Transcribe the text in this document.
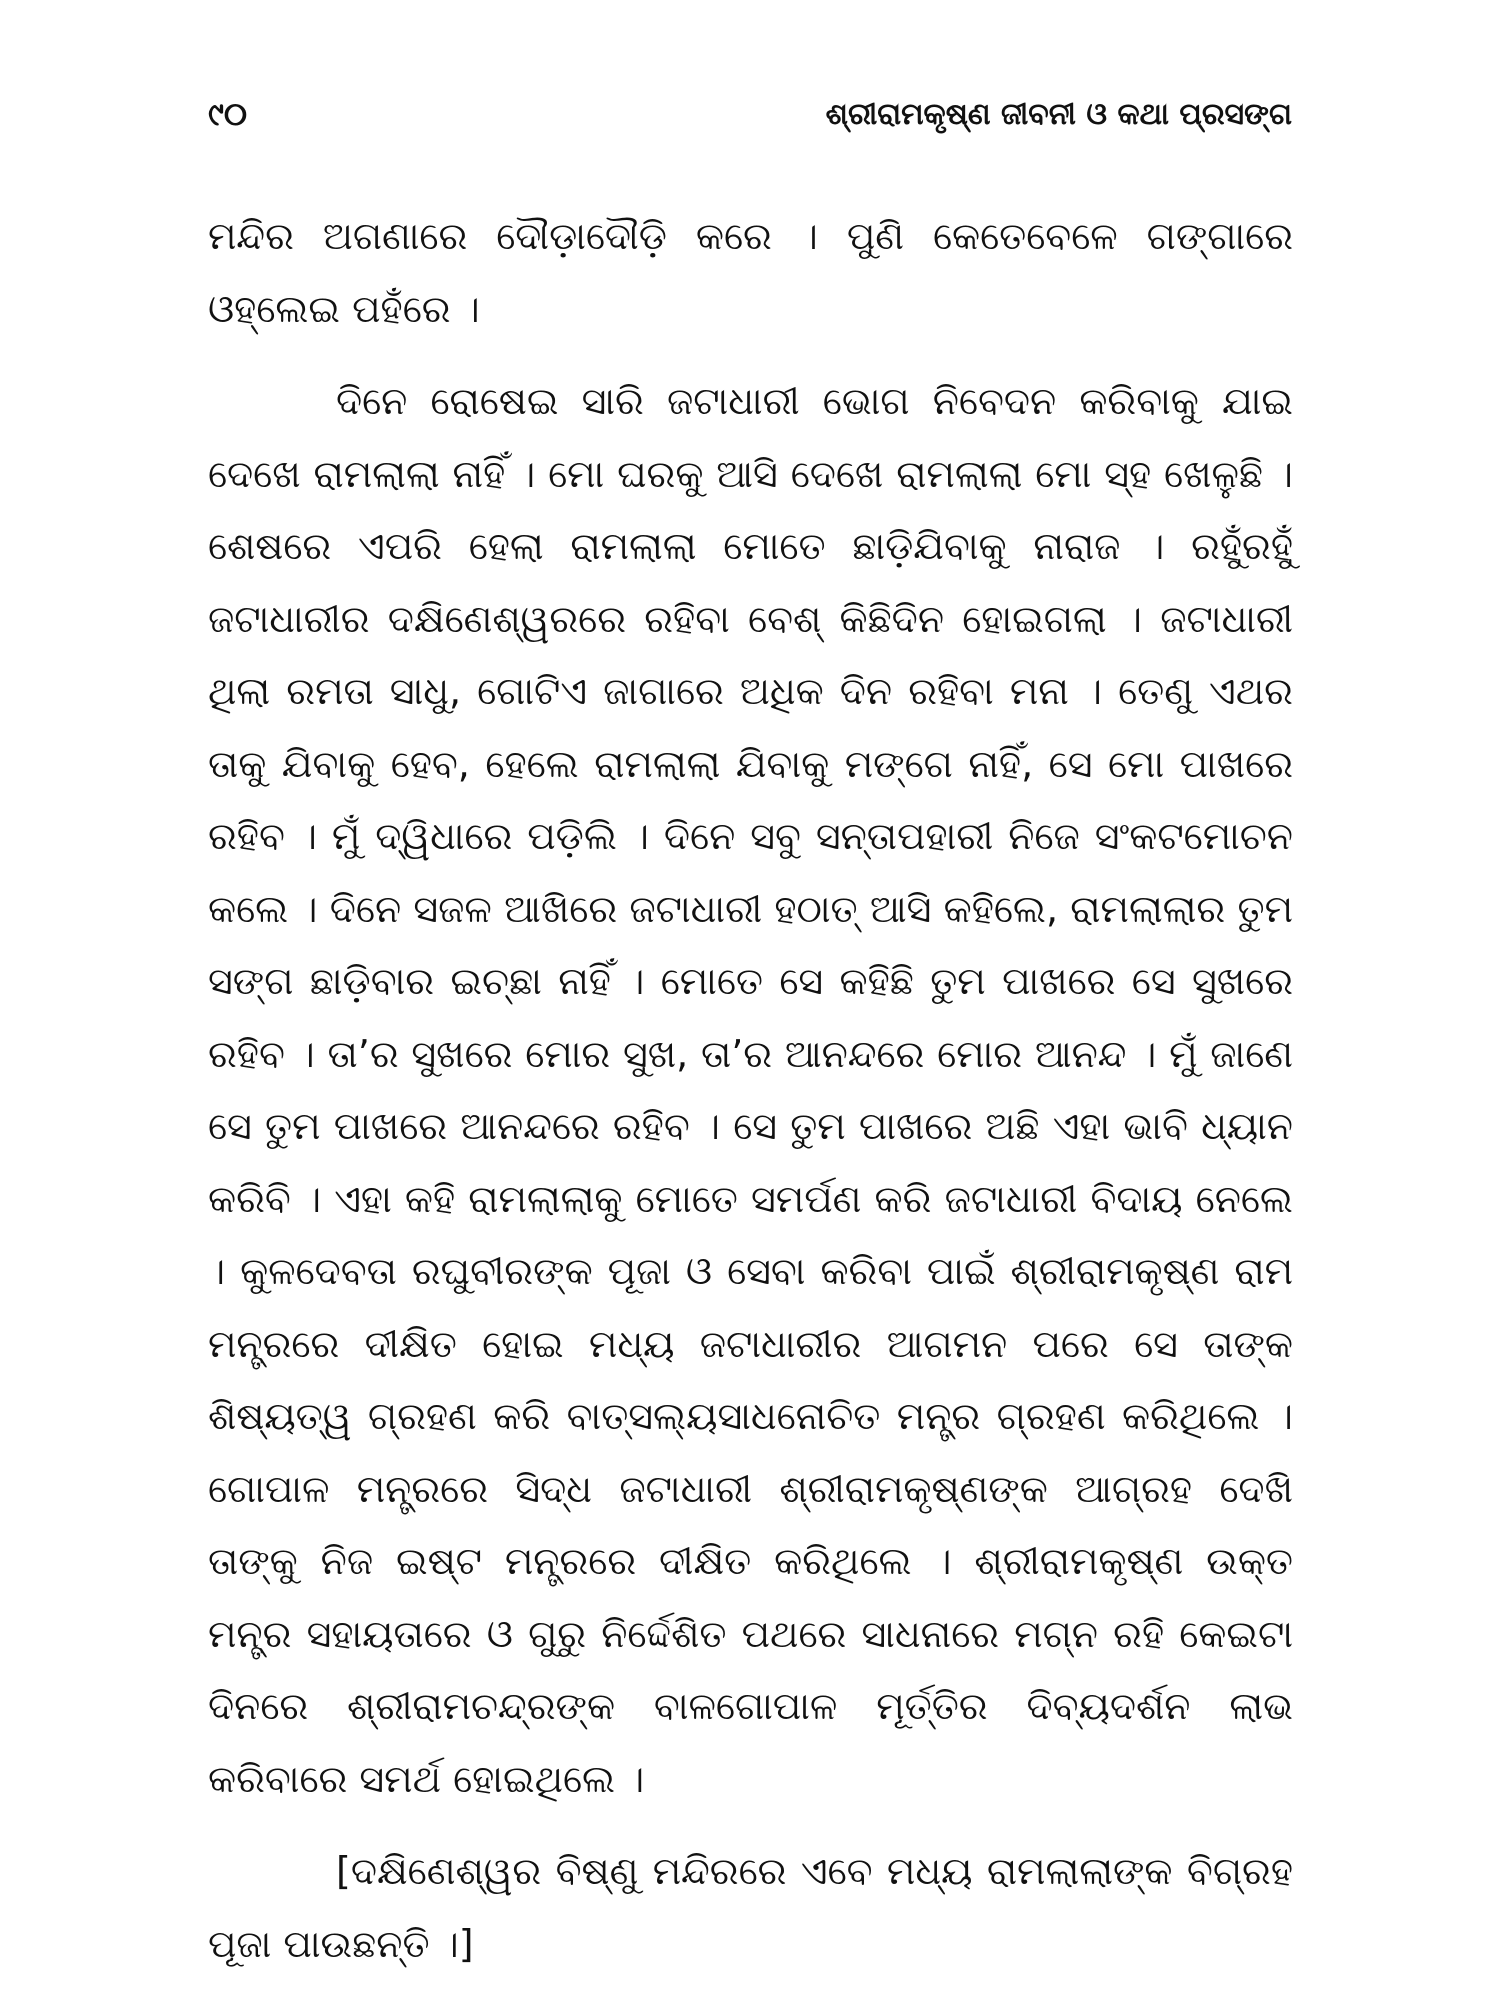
୯୦	ଶ୍ରୀରାମକୃଷ୍ଣ ଜୀବନୀ ଓ କଥା ପ୍ରସଙ୍ଗ

ମନ୍ଦିର ଅଗଣାରେ ଦୌଡ଼ାଦୌଡ଼ି କରେ । ପୁଣି କେତେବେଳେ ଗଙ୍ଗାରେ ଓହ୍ଲେଇ ପହଁରେ ।

ଦିନେ ରୋଷେଇ ସାରି ଜଟାଧାରୀ ଭୋଗ ନିବେଦନ କରିବାକୁ ଯାଇ ଦେଖେ ରାମଲାଲା ନାହିଁ । ମୋ ଘରକୁ ଆସି ଦେଖେ ରାମଲାଲା ମୋ ସ୍ହ ଖେଳୁଛି । ଶେଷରେ ଏପରି ହେଲା ରାମଲାଲା ମୋତେ ଛାଡ଼ିଯିବାକୁ ନାରାଜ । ରହୁଁରହୁଁ ଜଟାଧାରୀର ଦକ୍ଷିଣେଶ୍ୱରରେ ରହିବା ବେଶ୍ କିଛିଦିନ ହୋଇଗଲା । ଜଟାଧାରୀ ଥିଲା ରମତା ସାଧୁ, ଗୋଟିଏ ଜାଗାରେ ଅଧିକ ଦିନ ରହିବା ମନା । ତେଣୁ ଏଥର ତାକୁ ଯିବାକୁ ହେବ, ହେଲେ ରାମଲାଲା ଯିବାକୁ ମଙ୍ଗେ ନାହିଁ, ସେ ମୋ ପାଖରେ ରହିବ । ମୁଁ ଦ୍ୱିଧାରେ ପଡ଼ିଲି । ଦିନେ ସବୁ ସନ୍ତାପହାରୀ ନିଜେ ସଂକଟମୋଚନ କଲେ । ଦିନେ ସଜଳ ଆଖିରେ ଜଟାଧାରୀ ହଠାତ୍ ଆସି କହିଲେ, ରାମଲାଲାର ତୁମ ସଙ୍ଗ ଛାଡ଼ିବାର ଇଚ୍ଛା ନାହିଁ । ମୋତେ ସେ କହିଛି ତୁମ ପାଖରେ ସେ ସୁଖରେ ରହିବ । ତା’ର ସୁଖରେ ମୋର ସୁଖ, ତା’ର ଆନନ୍ଦରେ ମୋର ଆନନ୍ଦ । ମୁଁ ଜାଣେ ସେ ତୁମ ପାଖରେ ଆନନ୍ଦରେ ରହିବ । ସେ ତୁମ ପାଖରେ ଅଛି ଏହା ଭାବି ଧ୍ୟାନ କରିବି । ଏହା କହି ରାମଲାଲାକୁ ମୋତେ ସମର୍ପଣ କରି ଜଟାଧାରୀ ବିଦାୟ ନେଲେ । କୁଳଦେବତା ରଘୁବୀରଙ୍କ ପୂଜା ଓ ସେବା କରିବା ପାଇଁ ଶ୍ରୀରାମକୃଷ୍ଣ ରାମ ମନ୍ତ୍ରରେ ଦୀକ୍ଷିତ ହୋଇ ମଧ୍ୟ ଜଟାଧାରୀର ଆଗମନ ପରେ ସେ ତାଙ୍କ ଶିଷ୍ୟତ୍ୱ ଗ୍ରହଣ କରି ବାତ୍ସଲ୍ୟସାଧନୋଚିତ ମନ୍ତ୍ର ଗ୍ରହଣ କରିଥିଲେ । ଗୋପାଳ ମନ୍ତ୍ରରେ ସିଦ୍ଧ ଜଟାଧାରୀ ଶ୍ରୀରାମକୃଷ୍ଣଙ୍କ ଆଗ୍ରହ ଦେଖି ତାଙ୍କୁ ନିଜ ଇଷ୍ଟ ମନ୍ତ୍ରରେ ଦୀକ୍ଷିତ କରିଥିଲେ । ଶ୍ରୀରାମକୃଷ୍ଣ ଉକ୍ତ ମନ୍ତ୍ର ସହାୟତାରେ ଓ ଗୁରୁ ନିର୍ଦ୍ଦେଶିତ ପଥରେ ସାଧନାରେ ମଗ୍ନ ରହି କେଇଟା ଦିନରେ ଶ୍ରୀରାମଚନ୍ଦ୍ରଙ୍କ ବାଳଗୋପାଳ ମୂର୍ତ୍ତିର ଦିବ୍ୟଦର୍ଶନ ଲାଭ କରିବାରେ ସମର୍ଥ ହୋଇଥିଲେ ।

[ଦକ୍ଷିଣେଶ୍ୱର ବିଷ୍ଣୁ ମନ୍ଦିରରେ ଏବେ ମଧ୍ୟ ରାମଲାଲାଙ୍କ ବିଗ୍ରହ ପୂଜା ପାଉଛନ୍ତି ।]
